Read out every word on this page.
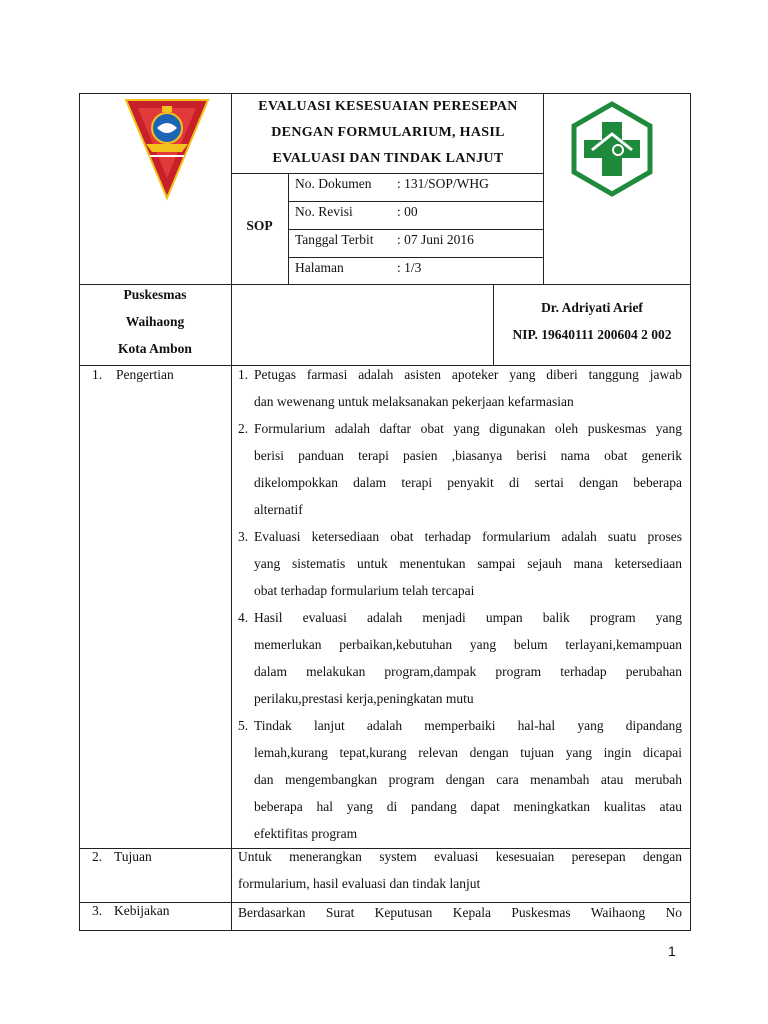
EVALUASI KESESUAIAN PERESEPAN
DENGAN FORMULARIUM, HASIL
EVALUASI DAN TINDAK LANJUT
SOP
No. Dokumen : 131/SOP/WHG
No. Revisi	: 00
Tanggal Terbit : 07 Juni 2016
Halaman	: 1/3
Puskesmas
Waihaong
Kota Ambon
Dr. Adriyati Arief
NIP. 19640111 200604 2 002
1. Pengertian	1. Petugas farmasi adalah asisten apoteker yang diberi tanggung jawab
dan wewenang untuk melaksanakan pekerjaan kefarmasian
2. Formularium adalah daftar obat yang digunakan oleh puskesmas yang
berisi panduan terapi pasien ,biasanya berisi nama obat generik
dikelompokkan dalam terapi penyakit di sertai dengan beberapa
alternatif
3. Evaluasi ketersediaan obat terhadap formularium adalah suatu proses
yang sistematis untuk menentukan sampai sejauh mana ketersediaan
obat terhadap formularium telah tercapai
4. Hasil evaluasi adalah menjadi umpan balik program yang
memerlukan perbaikan,kebutuhan yang belum terlayani,kemampuan
dalam melakukan program,dampak program terhadap perubahan
perilaku,prestasi kerja,peningkatan mutu
5. Tindak lanjut adalah memperbaiki hal-hal yang dipandang
lemah,kurang tepat,kurang relevan dengan tujuan yang ingin dicapai
dan mengembangkan program dengan cara menambah atau merubah
beberapa hal yang di pandang dapat meningkatkan kualitas atau
efektifitas program
2. Tujuan	Untuk menerangkan system evaluasi kesesuaian peresepan dengan
formularium, hasil evaluasi dan tindak lanjut
3. Kebijakan	Berdasarkan Surat Keputusan Kepala Puskesmas Waihaong No
1
